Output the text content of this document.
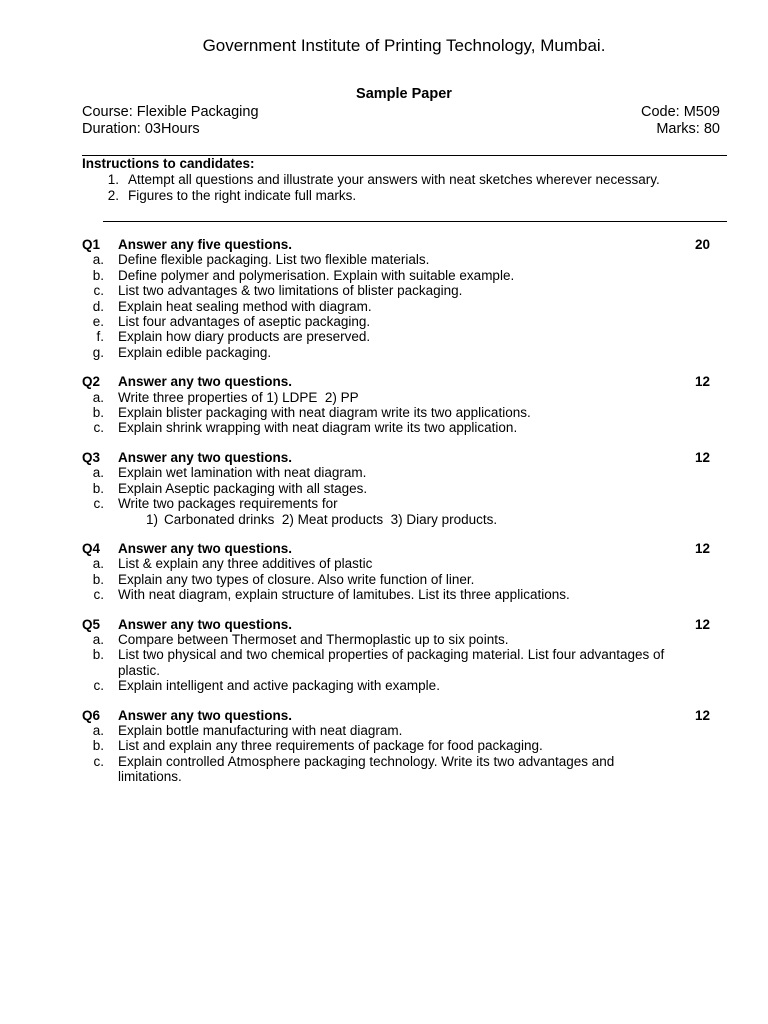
Government Institute of Printing Technology, Mumbai.
Sample Paper
Course: Flexible Packaging	Code: M509
Duration: 03Hours	Marks: 80
Instructions to candidates:
1. Attempt all questions and illustrate your answers with neat sketches wherever necessary.
2. Figures to the right indicate full marks.
Q1 Answer any five questions.	20
a. Define flexible packaging. List two flexible materials.
b. Define polymer and polymerisation. Explain with suitable example.
c. List two advantages & two limitations of blister packaging.
d. Explain heat sealing method with diagram.
e. List four advantages of aseptic packaging.
f. Explain how diary products are preserved.
g. Explain edible packaging.
Q2 Answer any two questions.	12
a. Write three properties of 1) LDPE  2) PP
b. Explain blister packaging with neat diagram write its two applications.
c. Explain shrink wrapping with neat diagram write its two application.
Q3 Answer any two questions.	12
a. Explain wet lamination with neat diagram.
b. Explain Aseptic packaging with all stages.
c. Write two packages requirements for
1) Carbonated drinks  2) Meat products  3) Diary products.
Q4 Answer any two questions.	12
a. List & explain any three additives of plastic
b. Explain any two types of closure. Also write function of liner.
c. With neat diagram, explain structure of lamitubes. List its three applications.
Q5 Answer any two questions.	12
a. Compare between Thermoset and Thermoplastic up to six points.
b. List two physical and two chemical properties of packaging material. List four advantages of plastic.
c. Explain intelligent and active packaging with example.
Q6 Answer any two questions.	12
a. Explain bottle manufacturing with neat diagram.
b. List and explain any three requirements of package for food packaging.
c. Explain controlled Atmosphere packaging technology. Write its two advantages and limitations.
